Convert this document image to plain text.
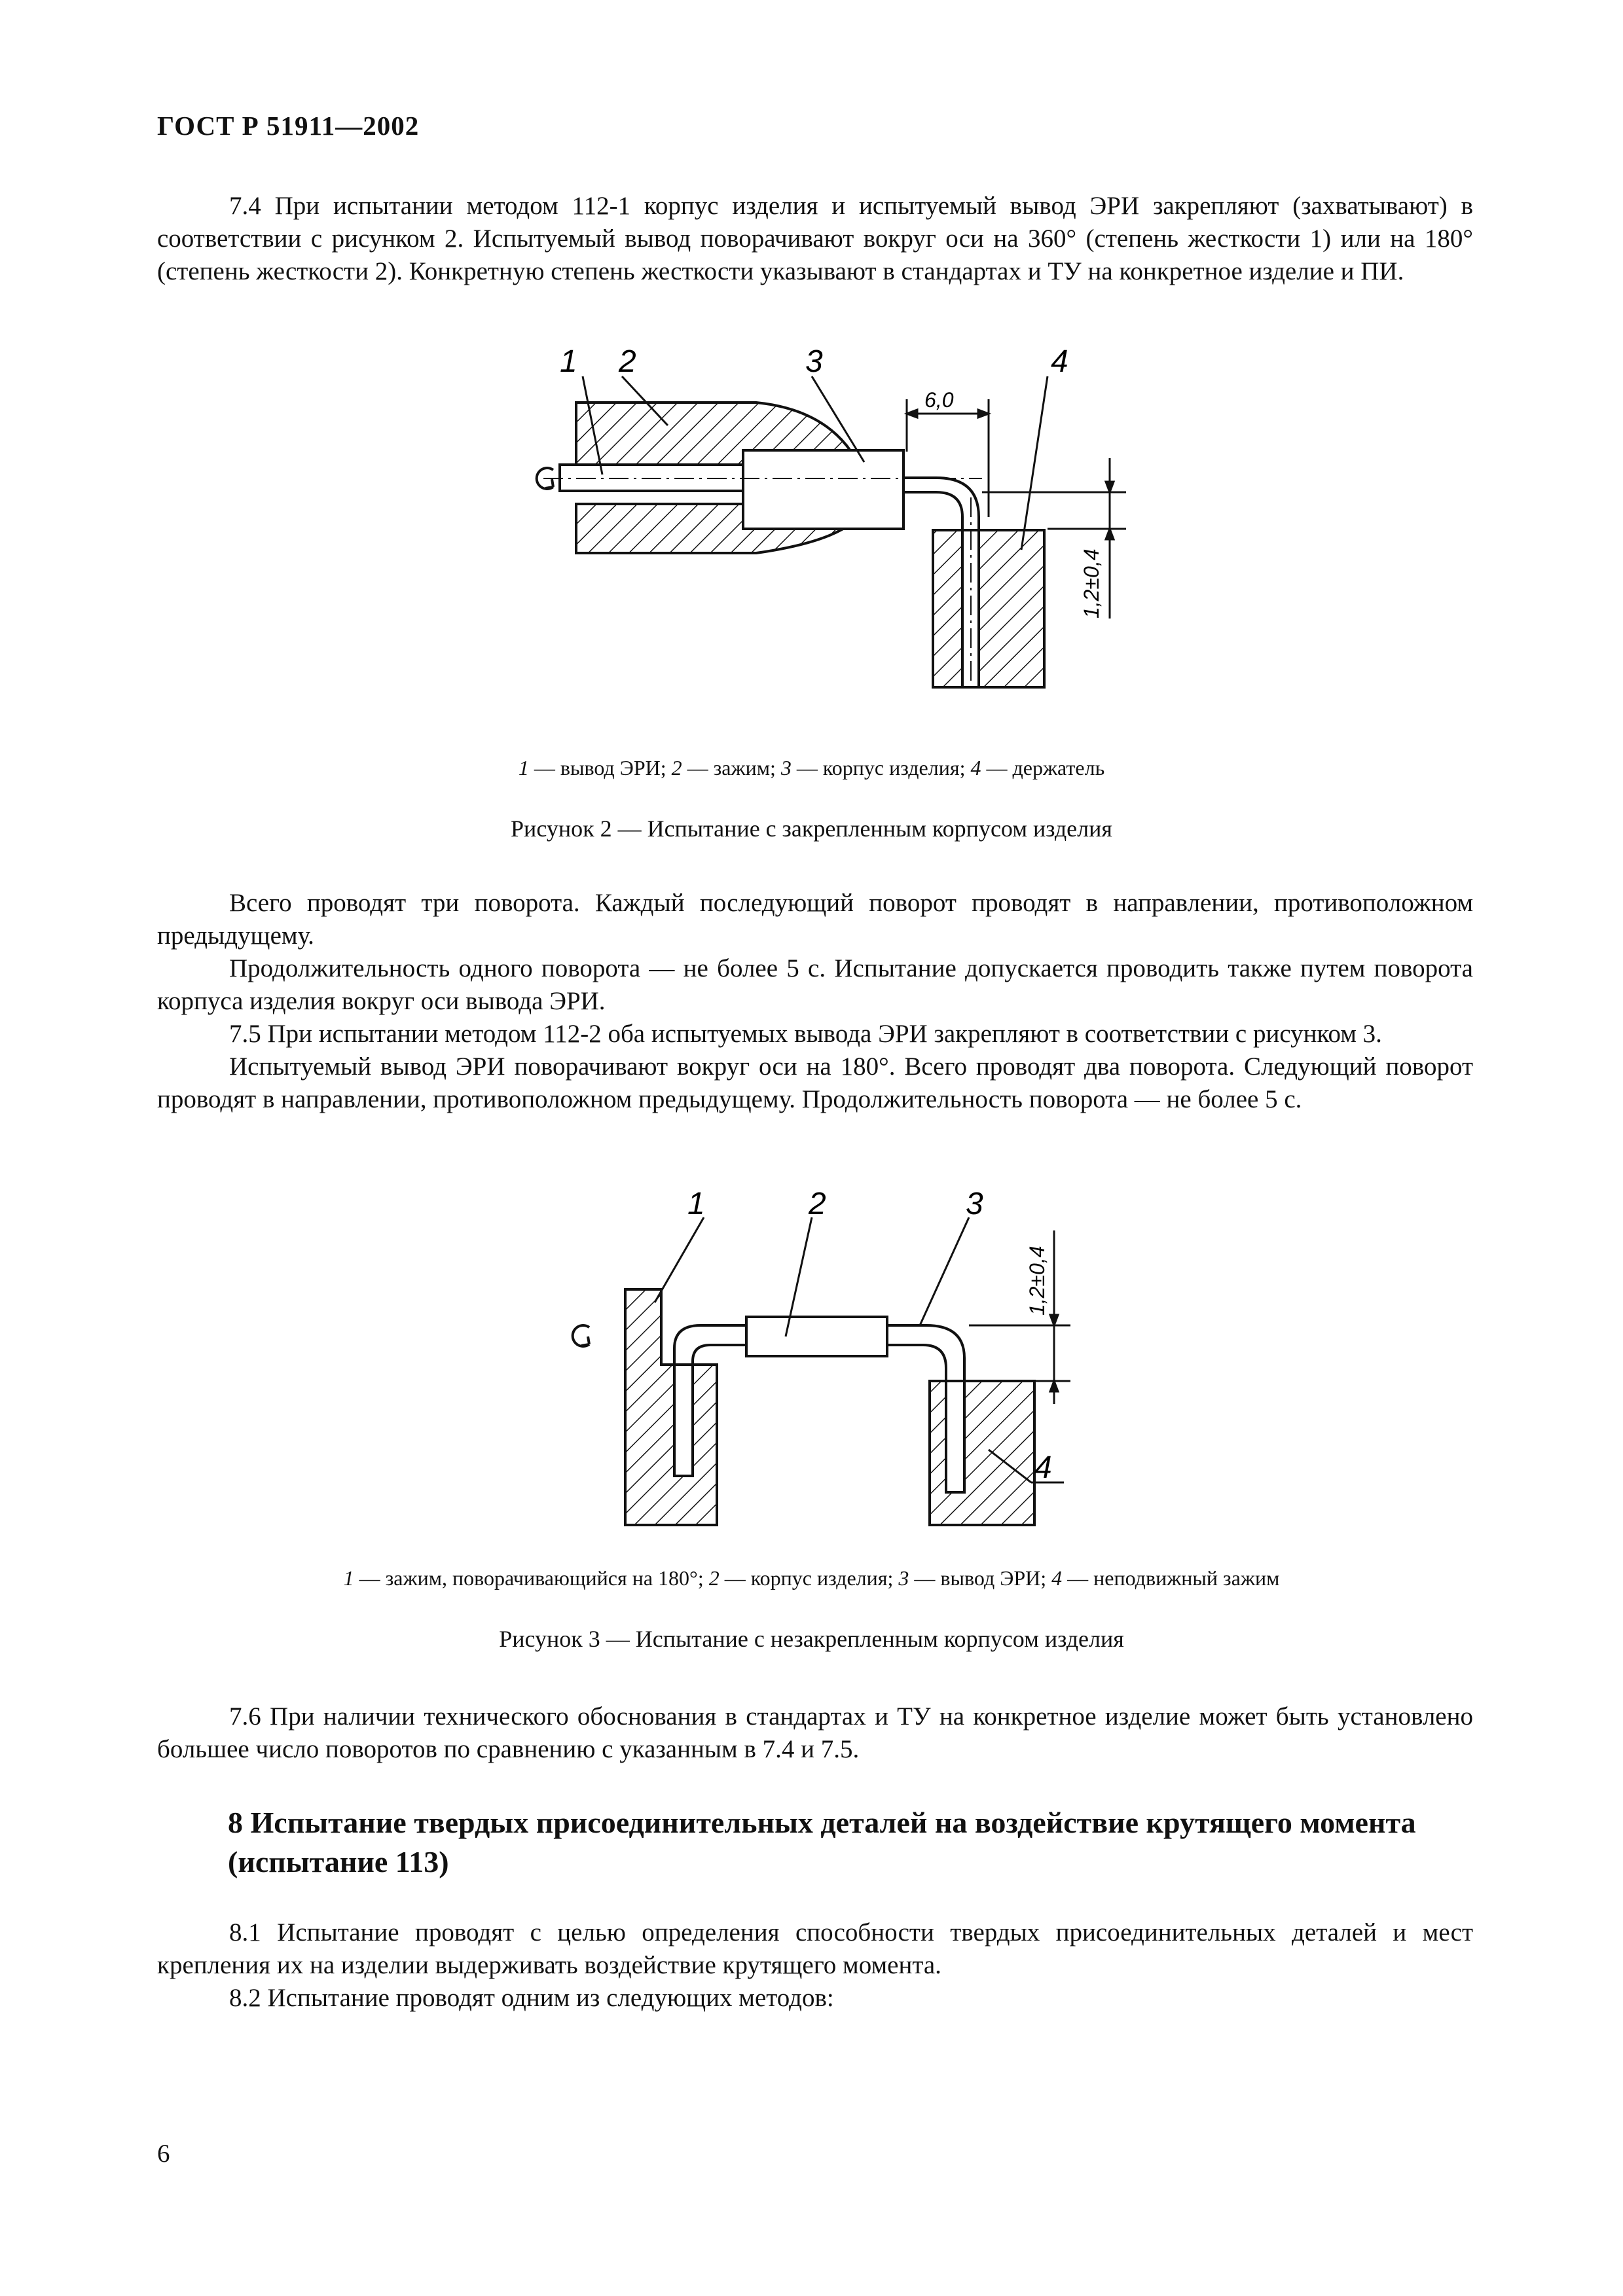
ГОСТ Р 51911—2002

7.4 При испытании методом 112-1 корпус изделия и испытуемый вывод ЭРИ закрепляют (захватывают) в соответствии с рисунком 2. Испытуемый вывод поворачивают вокруг оси на 360° (степень жесткости 1) или на 180° (степень жесткости 2). Конкретную степень жесткости указывают в стандартах и ТУ на конкретное изделие и ПИ.

6,0
1,2±0,4
1 2	3	4
1 — вывод ЭРИ; 2 — зажим; 3 — корпус изделия; 4 — держатель
Рисунок 2 — Испытание с закрепленным корпусом изделия

Всего проводят три поворота. Каждый последующий поворот проводят в направлении, противоположном предыдущему.

Продолжительность одного поворота — не более 5 с. Испытание допускается проводить также путем поворота корпуса изделия вокруг оси вывода ЭРИ.

7.5 При испытании методом 112-2 оба испытуемых вывода ЭРИ закрепляют в соответствии с рисунком 3.

Испытуемый вывод ЭРИ поворачивают вокруг оси на 180°. Всего проводят два поворота. Следующий поворот проводят в направлении, противоположном предыдущему. Продолжительность поворота — не более 5 с.

1,2±0,4
1	2	3
4
1 — зажим, поворачивающийся на 180°; 2 — корпус изделия; 3 — вывод ЭРИ; 4 — неподвижный зажим
Рисунок 3 — Испытание с незакрепленным корпусом изделия

7.6 При наличии технического обоснования в стандартах и ТУ на конкретное изделие может быть установлено большее число поворотов по сравнению с указанным в 7.4 и 7.5.

8 Испытание твердых присоединительных деталей на воздействие крутящего момента (испытание 113)

8.1 Испытание проводят с целью определения способности твердых присоединительных деталей и мест крепления их на изделии выдерживать воздействие крутящего момента.

8.2 Испытание проводят одним из следующих методов:

6
